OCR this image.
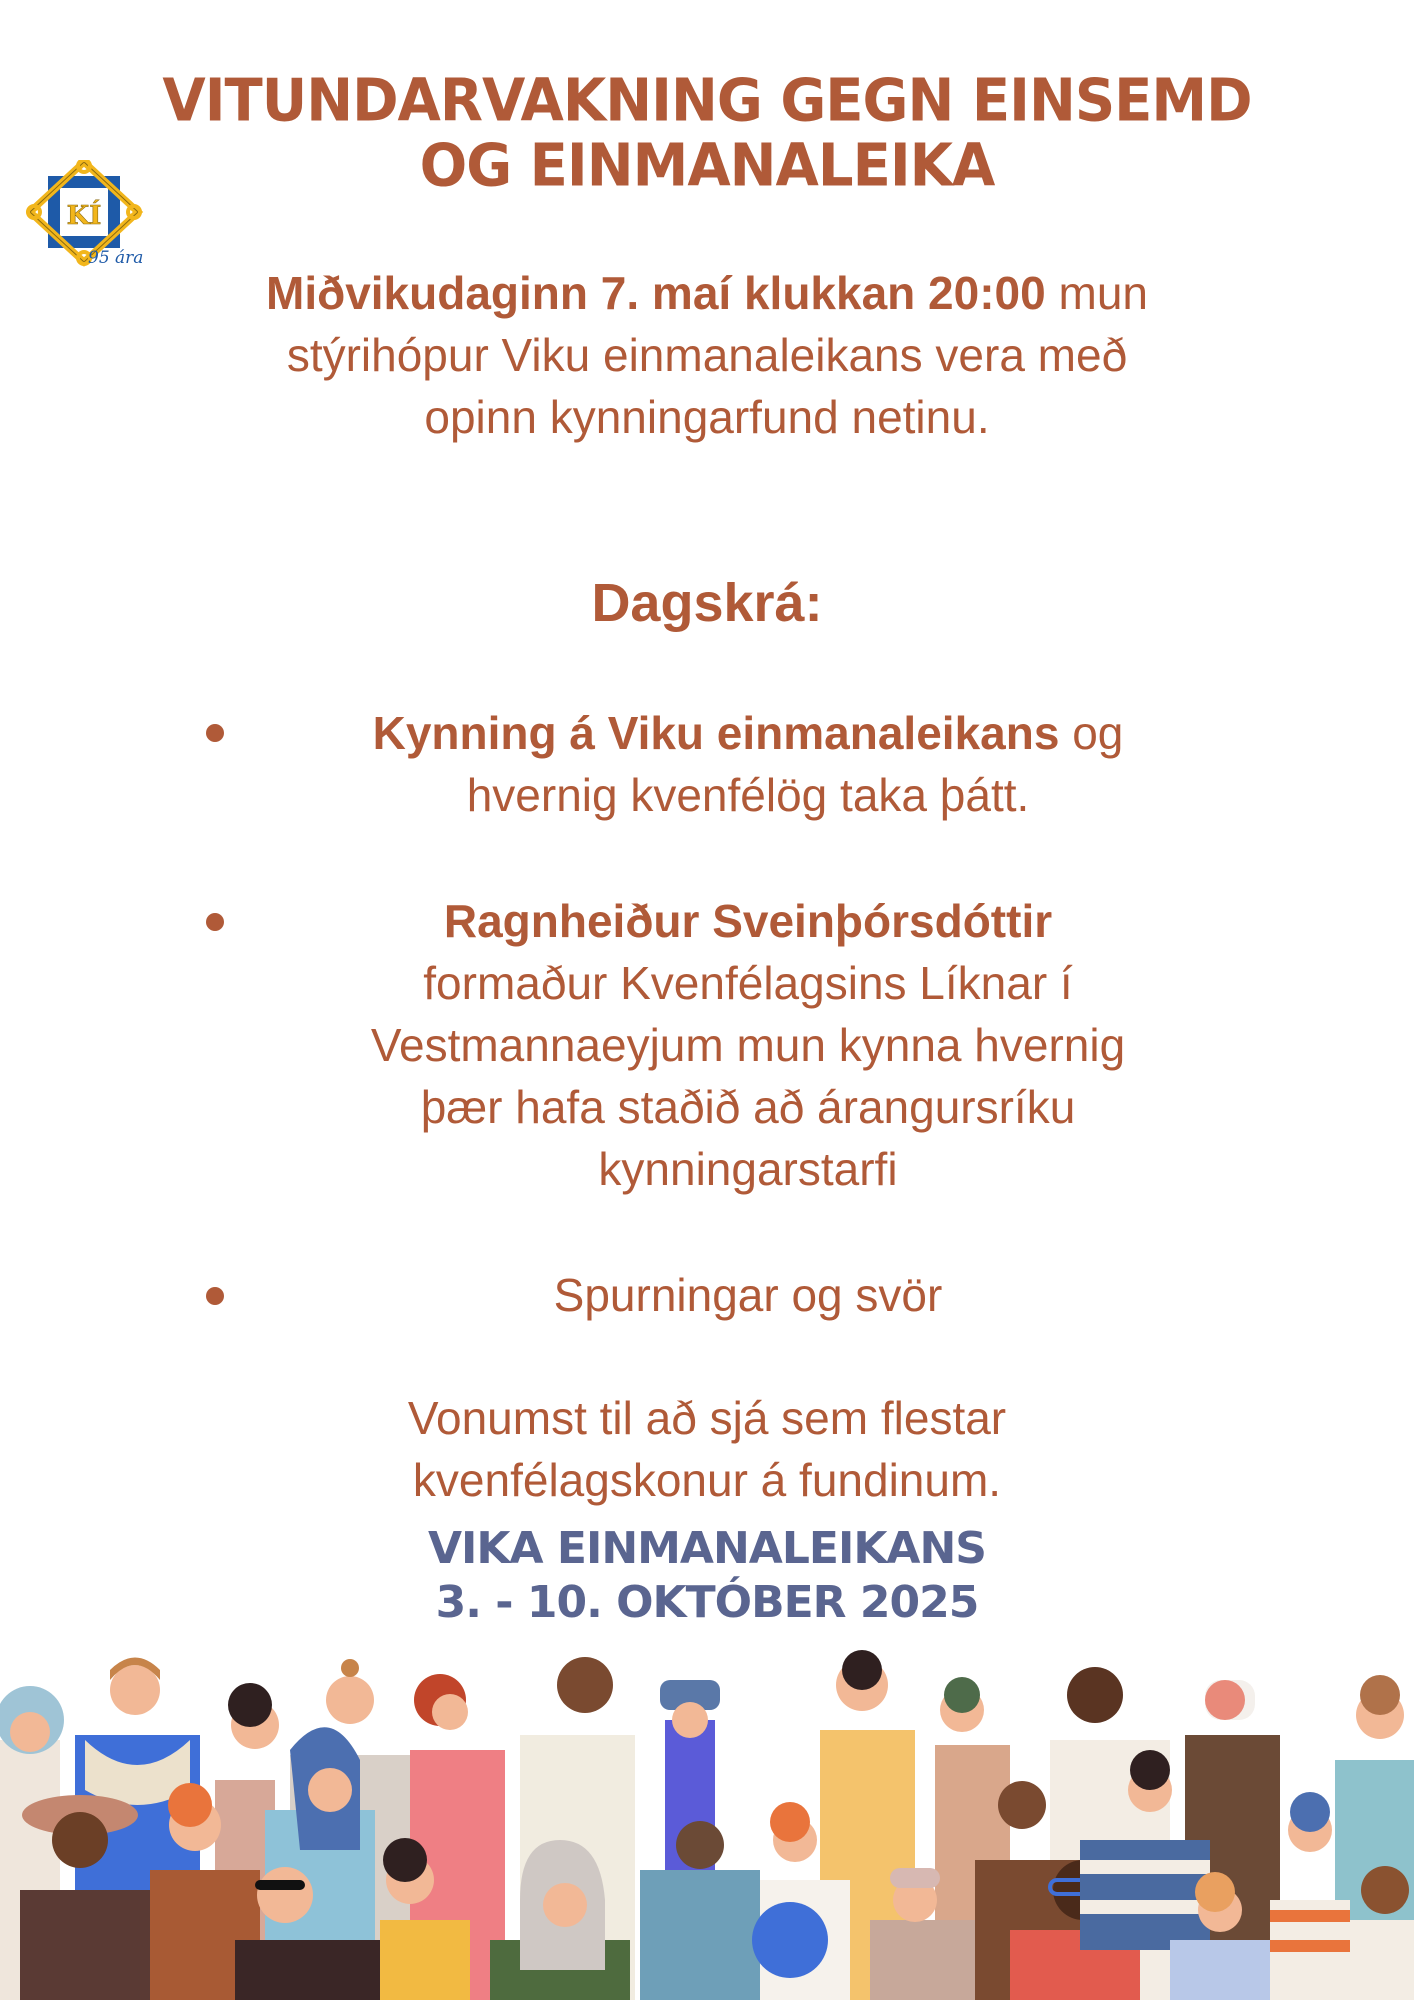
VITUNDARVAKNING GEGN EINSEMD
OG EINMANALEIKA
KÍ
95 ára
Miðvikudaginn 7. maí klukkan 20:00 mun
stýrihópur Viku einmanaleikans vera með
opinn kynningarfund netinu.
Dagskrá:
Kynning á Viku einmanaleikans og
hvernig kvenfélög taka þátt.
Ragnheiður Sveinþórsdóttir
formaður Kvenfélagsins Líknar í
Vestmannaeyjum mun kynna hvernig
þær hafa staðið að árangursríku
kynningarstarfi
Spurningar og svör
Vonumst til að sjá sem flestar
kvenfélagskonur á fundinum.
VIKA EINMANALEIKANS
3. - 10. OKTÓBER 2025
